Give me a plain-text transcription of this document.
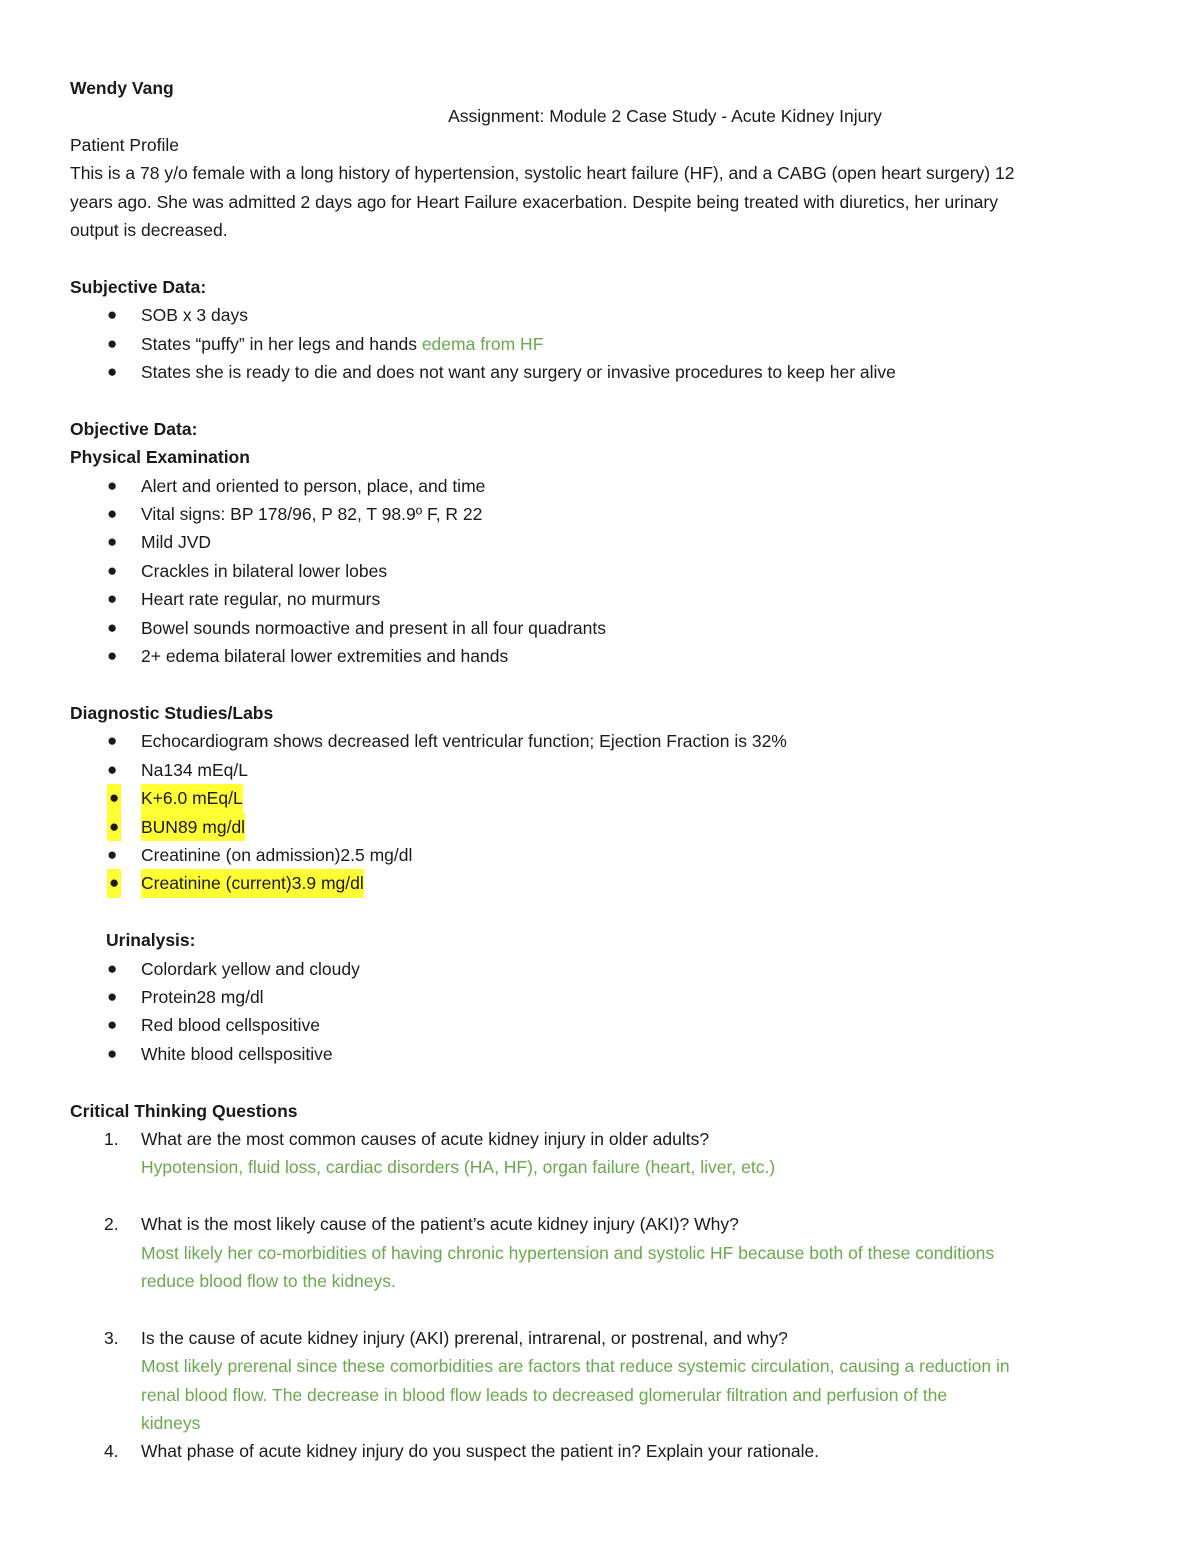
Wendy Vang
Assignment: Module 2 Case Study - Acute Kidney Injury
Patient Profile
This is a 78 y/o female with a long history of hypertension, systolic heart failure (HF), and a CABG (open heart surgery) 12
years ago. She was admitted 2 days ago for Heart Failure exacerbation. Despite being treated with diuretics, her urinary
output is decreased.
Subjective Data:
● SOB x 3 days
● States “puffy” in her legs and hands edema from HF
● States she is ready to die and does not want any surgery or invasive procedures to keep her alive
Objective Data:
Physical Examination
● Alert and oriented to person, place, and time
● Vital signs: BP 178/96, P 82, T 98.9º F, R 22
● Mild JVD
● Crackles in bilateral lower lobes
● Heart rate regular, no murmurs
● Bowel sounds normoactive and present in all four quadrants
● 2+ edema bilateral lower extremities and hands
Diagnostic Studies/Labs
● Echocardiogram shows decreased left ventricular function; Ejection Fraction is 32%
● Na134 mEq/L
● K+6.0 mEq/L
● BUN89 mg/dl
● Creatinine (on admission)2.5 mg/dl
● Creatinine (current)3.9 mg/dl
Urinalysis:
● Colordark yellow and cloudy
● Protein28 mg/dl
● Red blood cellspositive
● White blood cellspositive
Critical Thinking Questions
1. What are the most common causes of acute kidney injury in older adults?
Hypotension, fluid loss, cardiac disorders (HA, HF), organ failure (heart, liver, etc.)
2. What is the most likely cause of the patient’s acute kidney injury (AKI)? Why?
Most likely her co-morbidities of having chronic hypertension and systolic HF because both of these conditions
reduce blood flow to the kidneys.
3. Is the cause of acute kidney injury (AKI) prerenal, intrarenal, or postrenal, and why?
Most likely prerenal since these comorbidities are factors that reduce systemic circulation, causing a reduction in
renal blood flow. The decrease in blood flow leads to decreased glomerular filtration and perfusion of the
kidneys
4. What phase of acute kidney injury do you suspect the patient in? Explain your rationale.
